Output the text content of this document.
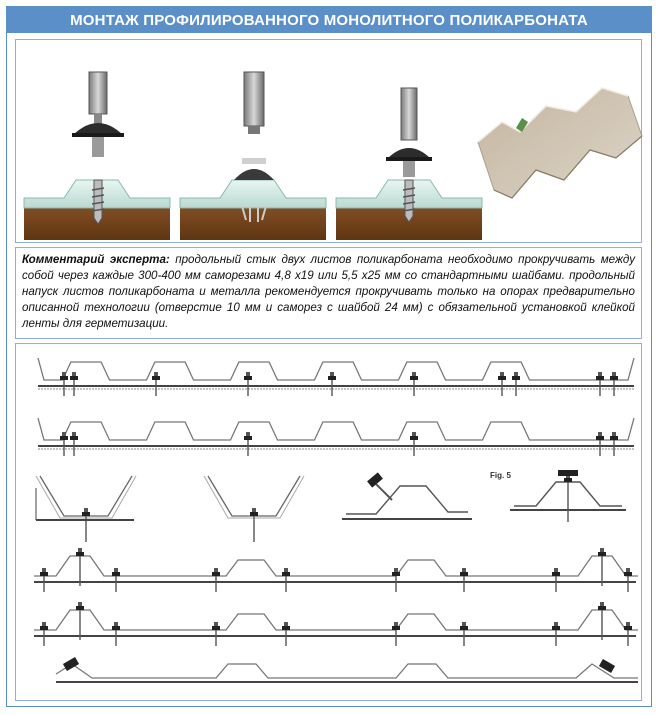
МОНТАЖ ПРОФИЛИРОВАННОГО МОНОЛИТНОГО ПОЛИКАРБОНАТА
Комментарий эксперта: продольный стык двух листов поликарбоната необходимо прокручивать между собой через каждые 300-400 мм саморезами 4,8 х19 или 5,5 х25 мм со стандартными шайбами. продольный напуск листов поликарбоната и металла рекомендуется прокручивать только на опорах предварительно описанной технологии (отверстие 10 мм и саморез с шайбой 24 мм) с обязательной установкой клейкой ленты для герметизации.
Fig. 5
